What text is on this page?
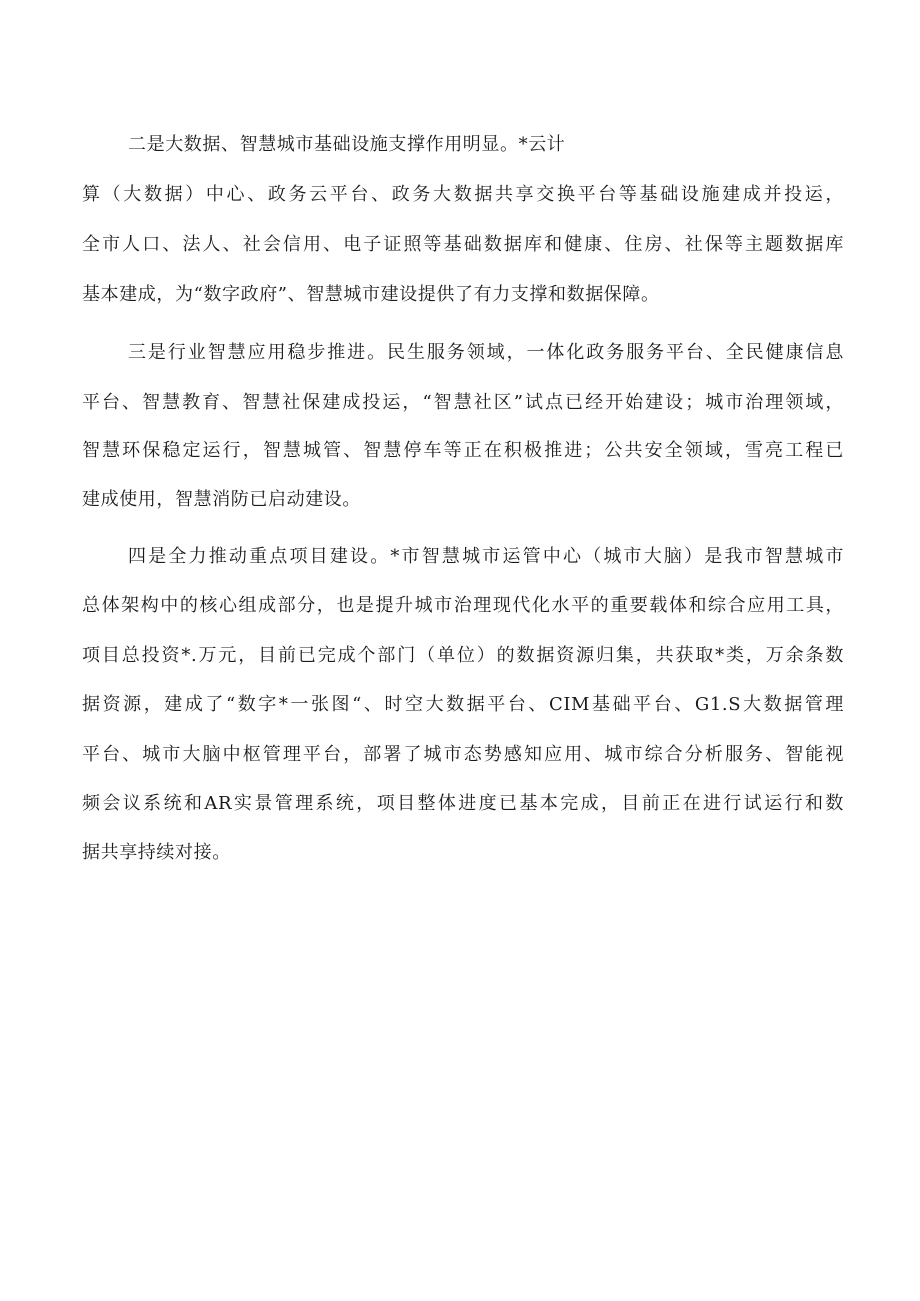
二是大数据、智慧城市基础设施支撑作用明显。*云计

算（大数据）中心、政务云平台、政务大数据共享交换平台等基础设施建成并投运，

全市人口、法人、社会信用、电子证照等基础数据库和健康、住房、社保等主题数据库

基本建成，为“数字政府”、智慧城市建设提供了有力支撑和数据保障。

三是行业智慧应用稳步推进。民生服务领域，一体化政务服务平台、全民健康信息

平台、智慧教育、智慧社保建成投运，“智慧社区”试点已经开始建设；城市治理领域，

智慧环保稳定运行，智慧城管、智慧停车等正在积极推进；公共安全领域，雪亮工程已

建成使用，智慧消防已启动建设。

四是全力推动重点项目建设。*市智慧城市运管中心（城市大脑）是我市智慧城市

总体架构中的核心组成部分，也是提升城市治理现代化水平的重要载体和综合应用工具，

项目总投资*.万元，目前已完成个部门（单位）的数据资源归集，共获取*类，万余条数

据资源，建成了“数字*一张图“、时空大数据平台、CIM基础平台、G1.S大数据管理

平台、城市大脑中枢管理平台，部署了城市态势感知应用、城市综合分析服务、智能视

频会议系统和AR实景管理系统，项目整体进度已基本完成，目前正在进行试运行和数

据共享持续对接。
